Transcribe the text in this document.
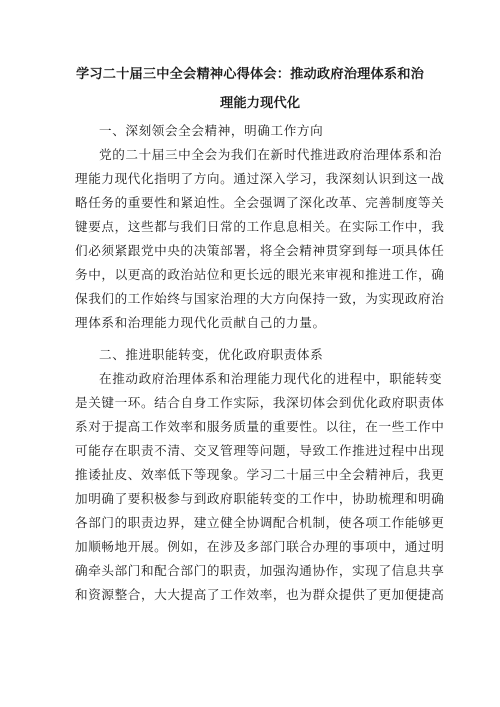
学习二十届三中全会精神心得体会：推动政府治理体系和治
理能力现代化
一、深刻领会全会精神，明确工作方向
党的二十届三中全会为我们在新时代推进政府治理体系和治
理能力现代化指明了方向。通过深入学习，我深刻认识到这一战
略任务的重要性和紧迫性。全会强调了深化改革、完善制度等关
键要点，这些都与我们日常的工作息息相关。在实际工作中，我
们必须紧跟党中央的决策部署，将全会精神贯穿到每一项具体任
务中，以更高的政治站位和更长远的眼光来审视和推进工作，确
保我们的工作始终与国家治理的大方向保持一致，为实现政府治
理体系和治理能力现代化贡献自己的力量。
二、推进职能转变，优化政府职责体系
在推动政府治理体系和治理能力现代化的进程中，职能转变
是关键一环。结合自身工作实际，我深切体会到优化政府职责体
系对于提高工作效率和服务质量的重要性。以往，在一些工作中
可能存在职责不清、交叉管理等问题，导致工作推进过程中出现
推诿扯皮、效率低下等现象。学习二十届三中全会精神后，我更
加明确了要积极参与到政府职能转变的工作中，协助梳理和明确
各部门的职责边界，建立健全协调配合机制，使各项工作能够更
加顺畅地开展。例如，在涉及多部门联合办理的事项中，通过明
确牵头部门和配合部门的职责，加强沟通协作，实现了信息共享
和资源整合，大大提高了工作效率，也为群众提供了更加便捷高
